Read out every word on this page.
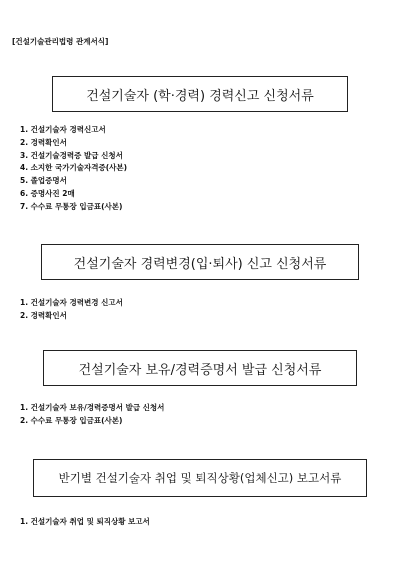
[건설기술관리법령 관계서식]
건설기술자 (학·경력) 경력신고 신청서류
1. 건설기술자 경력신고서
2. 경력확인서
3. 건설기술경력증 발급 신청서
4. 소지한 국가기술자격증(사본)
5. 졸업증명서
6. 증명사진 2매
7. 수수료 무통장 입금표(사본)
건설기술자 경력변경(입·퇴사) 신고 신청서류
1. 건설기술자 경력변경 신고서
2. 경력확인서
건설기술자 보유/경력증명서 발급 신청서류
1. 건설기술자 보유/경력증명서 발급 신청서
2. 수수료 무통장 입금표(사본)
반기별 건설기술자 취업 및 퇴직상황(업체신고) 보고서류
1. 건설기술자 취업 및 퇴직상황 보고서
